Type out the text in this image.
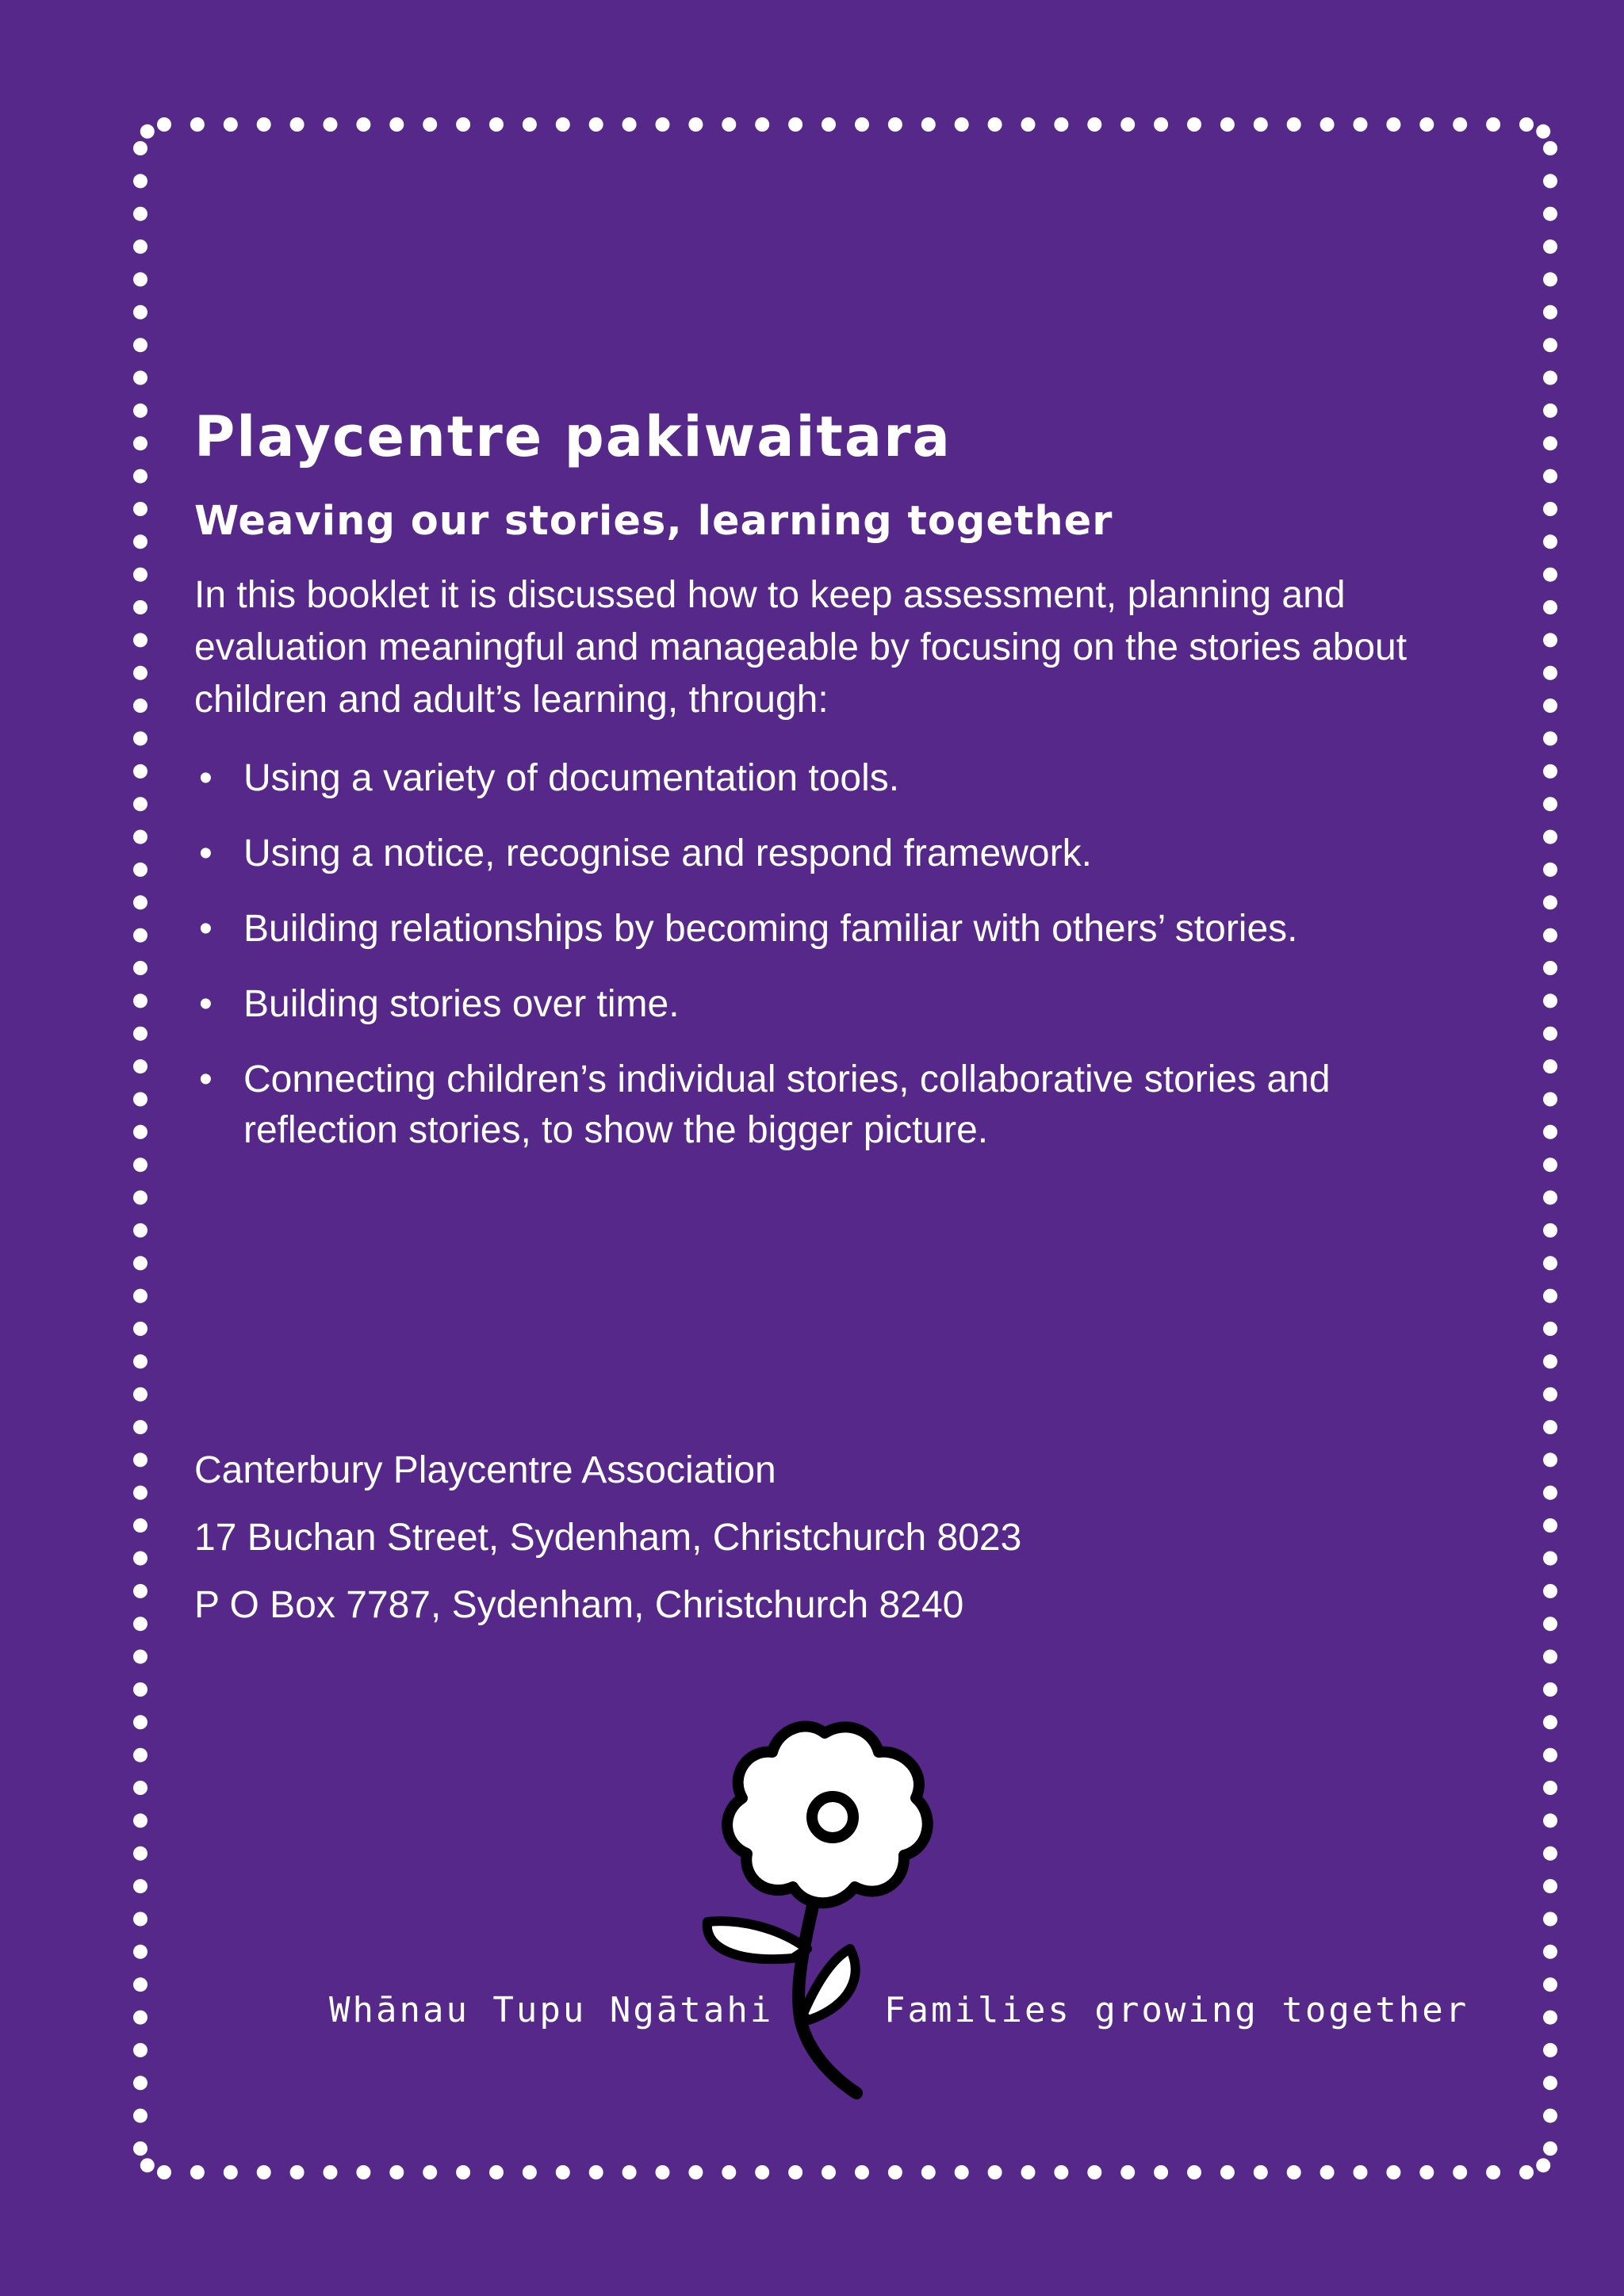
Playcentre pakiwaitara
Weaving our stories, learning together

In this booklet it is discussed how to keep assessment, planning and evaluation meaningful and manageable by focusing on the stories about children and adult’s learning, through:

• Using a variety of documentation tools.
• Using a notice, recognise and respond framework.
• Building relationships by becoming familiar with others’ stories.
• Building stories over time.
• Connecting children’s individual stories, collaborative stories and reflection stories, to show the bigger picture.

Canterbury Playcentre Association

17 Buchan Street, Sydenham, Christchurch 8023

P O Box 7787, Sydenham, Christchurch 8240

Whānau Tupu Ngātahi	Families growing together
